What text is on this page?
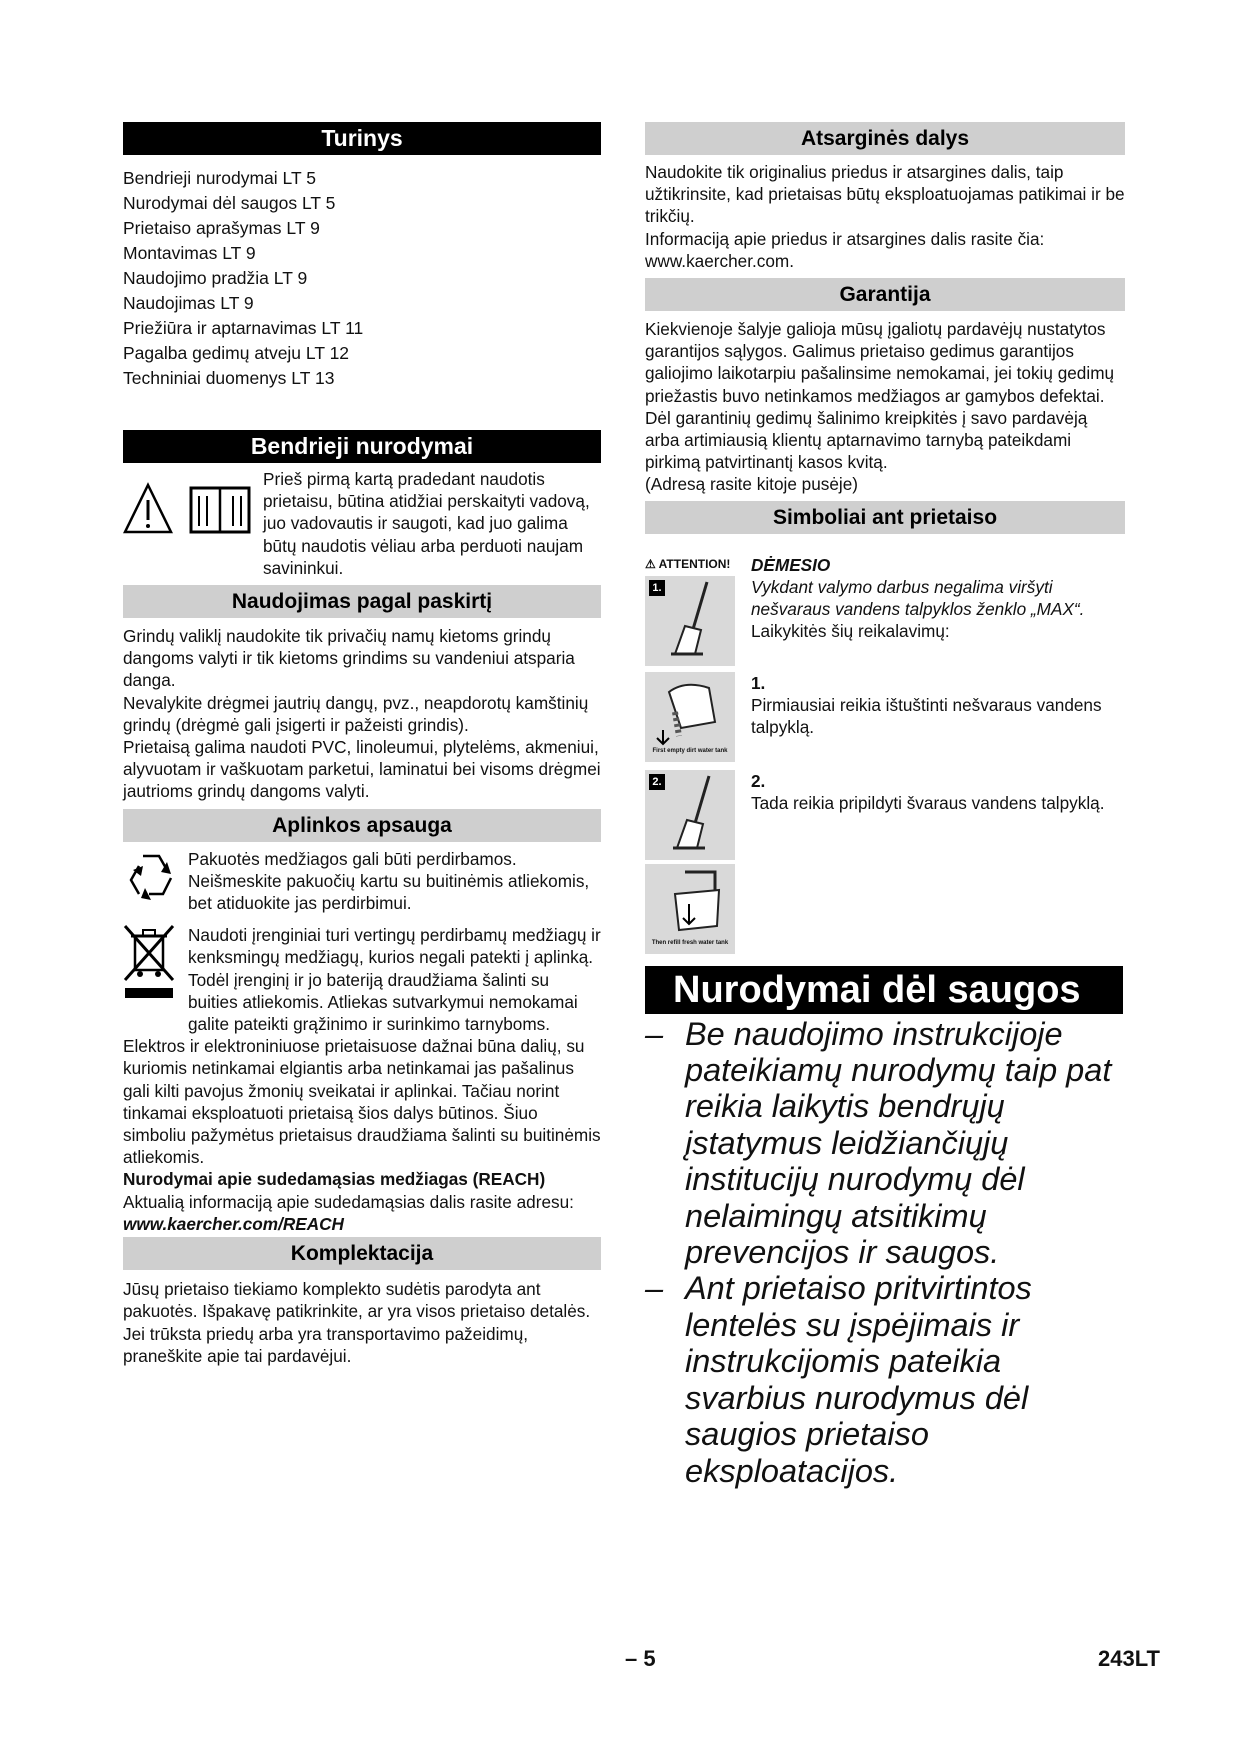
Turinys
Bendrieji nurodymai LT 5
Nurodymai dėl saugos LT 5
Prietaiso aprašymas LT 9
Montavimas LT 9
Naudojimo pradžia LT 9
Naudojimas LT 9
Priežiūra ir aptarnavimas LT 11
Pagalba gedimų atveju LT 12
Techniniai duomenys LT 13
Bendrieji nurodymai

Prieš pirmą kartą pradedant naudotis prietaisu, būtina atidžiai perskaityti vadovą, juo vadovautis ir saugoti, kad juo galima būtų naudotis vėliau arba perduoti naujam savininkui.

Naudojimas pagal paskirtį

Grindų valiklį naudokite tik privačių namų kietoms grindų dangoms valyti ir tik kietoms grindims su vandeniui atsparia danga.

Nevalykite drėgmei jautrių dangų, pvz., neapdorotų kamštinių grindų (drėgmė gali įsigerti ir pažeisti grindis).

Prietaisą galima naudoti PVC, linoleumui, plytelėms, akmeniui, alyvuotam ir vaškuotam parketui, laminatui bei visoms drėgmei jautrioms grindų dangoms valyti.

Aplinkos apsauga

Pakuotės medžiagos gali būti perdirbamos. Neišmeskite pakuočių kartu su buitinėmis atliekomis, bet atiduokite jas perdirbimui.

Naudoti įrenginiai turi vertingų perdirbamų medžiagų ir kenksmingų medžiagų, kurios negali patekti į aplinką. Todėl įrenginį ir jo bateriją draudžiama šalinti su buities atliekomis. Atliekas sutvarkymui nemokamai galite pateikti grąžinimo ir surinkimo tarnyboms.

Elektros ir elektroniniuose prietaisuose dažnai būna dalių, su kuriomis netinkamai elgiantis arba netinkamai jas pašalinus gali kilti pavojus žmonių sveikatai ir aplinkai. Tačiau norint tinkamai eksploatuoti prietaisą šios dalys būtinos. Šiuo simboliu pažymėtus prietaisus draudžiama šalinti su buitinėmis atliekomis.

Nurodymai apie sudedamąsias medžiagas (REACH)

Aktualią informaciją apie sudedamąsias dalis rasite adresu:

www.kaercher.com/REACH

Komplektacija

Jūsų prietaiso tiekiamo komplekto sudėtis parodyta ant pakuotės. Išpakavę patikrinkite, ar yra visos prietaiso detalės.

Jei trūksta priedų arba yra transportavimo pažeidimų, praneškite apie tai pardavėjui.

Atsarginės dalys

Naudokite tik originalius priedus ir atsargines dalis, taip užtikrinsite, kad prietaisas būtų eksploatuojamas patikimai ir be trikčių.

Informaciją apie priedus ir atsargines dalis rasite čia: www.kaercher.com.

Garantija

Kiekvienoje šalyje galioja mūsų įgaliotų pardavėjų nustatytos garantijos sąlygos. Galimus prietaiso gedimus garantijos galiojimo laikotarpiu pašalinsime nemokamai, jei tokių gedimų priežastis buvo netinkamos medžiagos ar gamybos defektai. Dėl garantinių gedimų šalinimo kreipkitės į savo pardavėją arba artimiausią klientų aptarnavimo tarnybą pateikdami pirkimą patvirtinantį kasos kvitą.

(Adresą rasite kitoje pusėje)

Simboliai ant prietaiso
⚠ ATTENTION!
1.

DĖMESIO

Vykdant valymo darbus negalima viršyti nešvaraus vandens talpyklos ženklo „MAX“.

Laikykitės šių reikalavimų:

First empty dirt water tank

1.

Pirmiausiai reikia ištuštinti nešvaraus vandens talpyklą.

2.
Then refill fresh water tank

2.

Tada reikia pripildyti švaraus vandens talpyklą.

Nurodymai dėl saugos
– Be naudojimo instrukcijoje pateikiamų nurodymų taip pat reikia laikytis bendrųjų įstatymus leidžiančiųjų institucijų nurodymų dėl nelaimingų atsitikimų prevencijos ir saugos.
– Ant prietaiso pritvirtintos lentelės su įspėjimais ir instrukcijomis pateikia svarbius nurodymus dėl saugios prietaiso eksploatacijos.
– 5	243LT
